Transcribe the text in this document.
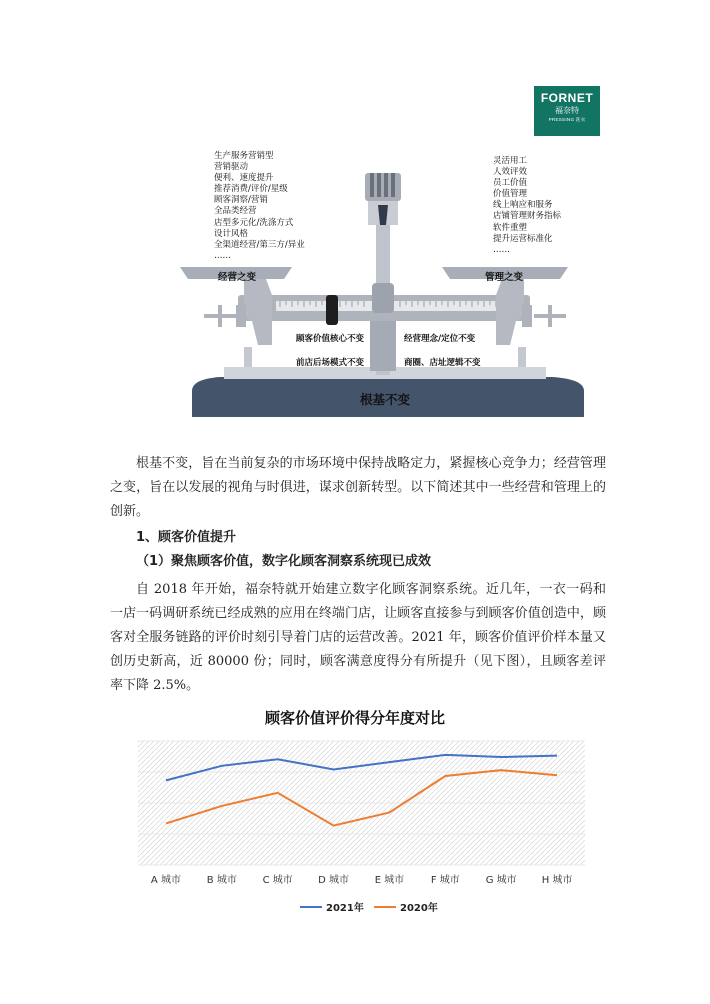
FORNET
福奈特
PRESSING 洗衣
生产服务营销型
营销驱动
便利、速度提升
推荐消费/评价/星级
顾客洞察/营销
全品类经营
店型多元化/洗涤方式
设计风格
全渠道经营/第三方/异业
……
灵活用工
人效评效
员工价值
价值管理
线上响应和服务
店铺管理财务指标
软件重塑
提升运营标准化
……
经营之变	管理之变
顾客价值核心不变	经营理念/定位不变
前店后场模式不变	商圈、店址逻辑不变
根基不变
根基不变，旨在当前复杂的市场环境中保持战略定力，紧握核心竞争力；经营管理之变，旨在以发展的视角与时俱进，谋求创新转型。以下简述其中一些经营和管理上的创新。
1、顾客价值提升
（1）聚焦顾客价值，数字化顾客洞察系统现已成效
自 2018 年开始，福奈特就开始建立数字化顾客洞察系统。近几年，一衣一码和一店一码调研系统已经成熟的应用在终端门店，让顾客直接参与到顾客价值创造中，顾客对全服务链路的评价时刻引导着门店的运营改善。2021 年，顾客价值评价样本量又创历史新高，近 80000 份；同时，顾客满意度得分有所提升（见下图），且顾客差评率下降 2.5%。
顾客价值评价得分年度对比
A 城市	B 城市	C 城市	D 城市	E 城市	F 城市	G 城市	H 城市
2021年	2020年
